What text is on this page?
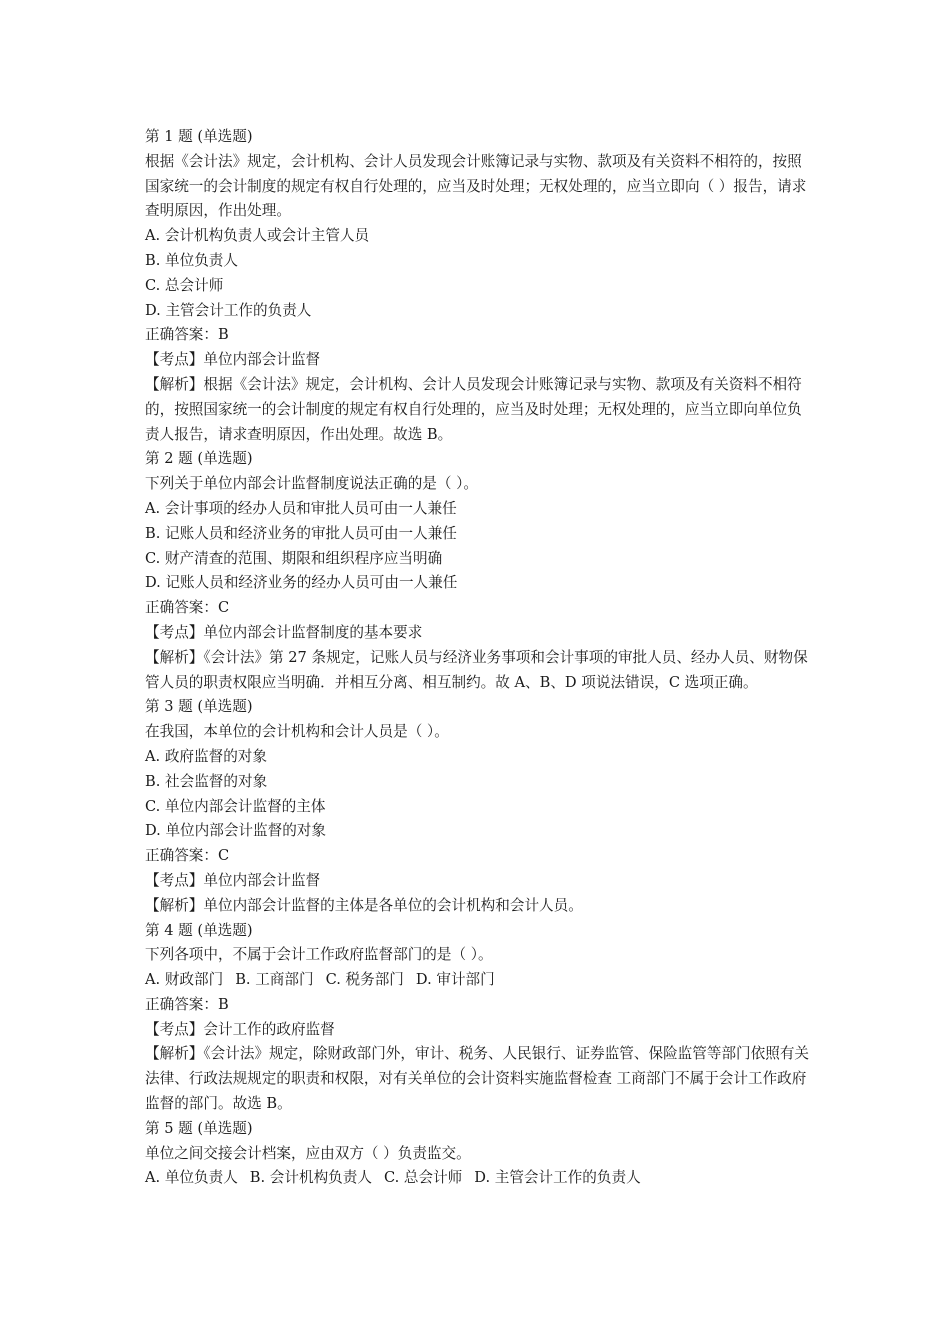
第 1 题 (单选题)
根据《会计法》规定，会计机构、会计人员发现会计账簿记录与实物、款项及有关资料不相符的，按照国家统一的会计制度的规定有权自行处理的，应当及时处理；无权处理的，应当立即向（ ）报告，请求查明原因，作出处理。
A. 会计机构负责人或会计主管人员
B. 单位负责人
C. 总会计师
D. 主管会计工作的负责人
正确答案：B
【考点】单位内部会计监督
【解析】根据《会计法》规定，会计机构、会计人员发现会计账簿记录与实物、款项及有关资料不相符的，按照国家统一的会计制度的规定有权自行处理的，应当及时处理；无权处理的，应当立即向单位负责人报告，请求查明原因，作出处理。故选 B。
第 2 题 (单选题)
下列关于单位内部会计监督制度说法正确的是（ ）。
A. 会计事项的经办人员和审批人员可由一人兼任
B. 记账人员和经济业务的审批人员可由一人兼任
C. 财产清查的范围、期限和组织程序应当明确
D. 记账人员和经济业务的经办人员可由一人兼任
正确答案：C
【考点】单位内部会计监督制度的基本要求
【解析】《会计法》第 27 条规定，记账人员与经济业务事项和会计事项的审批人员、经办人员、财物保管人员的职责权限应当明确．并相互分离、相互制约。故 A、B、D 项说法错误，C 选项正确。
第 3 题 (单选题)
在我国，本单位的会计机构和会计人员是（ ）。
A. 政府监督的对象
B. 社会监督的对象
C. 单位内部会计监督的主体
D. 单位内部会计监督的对象
正确答案：C
【考点】单位内部会计监督
【解析】单位内部会计监督的主体是各单位的会计机构和会计人员。
第 4 题 (单选题)
下列各项中，不属于会计工作政府监督部门的是（ ）。
A. 财政部门 B. 工商部门 C. 税务部门 D. 审计部门
正确答案：B
【考点】会计工作的政府监督
【解析】《会计法》规定，除财政部门外，审计、税务、人民银行、证券监管、保险监管等部门依照有关法律、行政法规规定的职责和权限，对有关单位的会计资料实施监督检查 工商部门不属于会计工作政府监督的部门。故选 B。
第 5 题 (单选题)
单位之间交接会计档案，应由双方（ ）负责监交。
A. 单位负责人 B. 会计机构负责人 C. 总会计师 D. 主管会计工作的负责人
